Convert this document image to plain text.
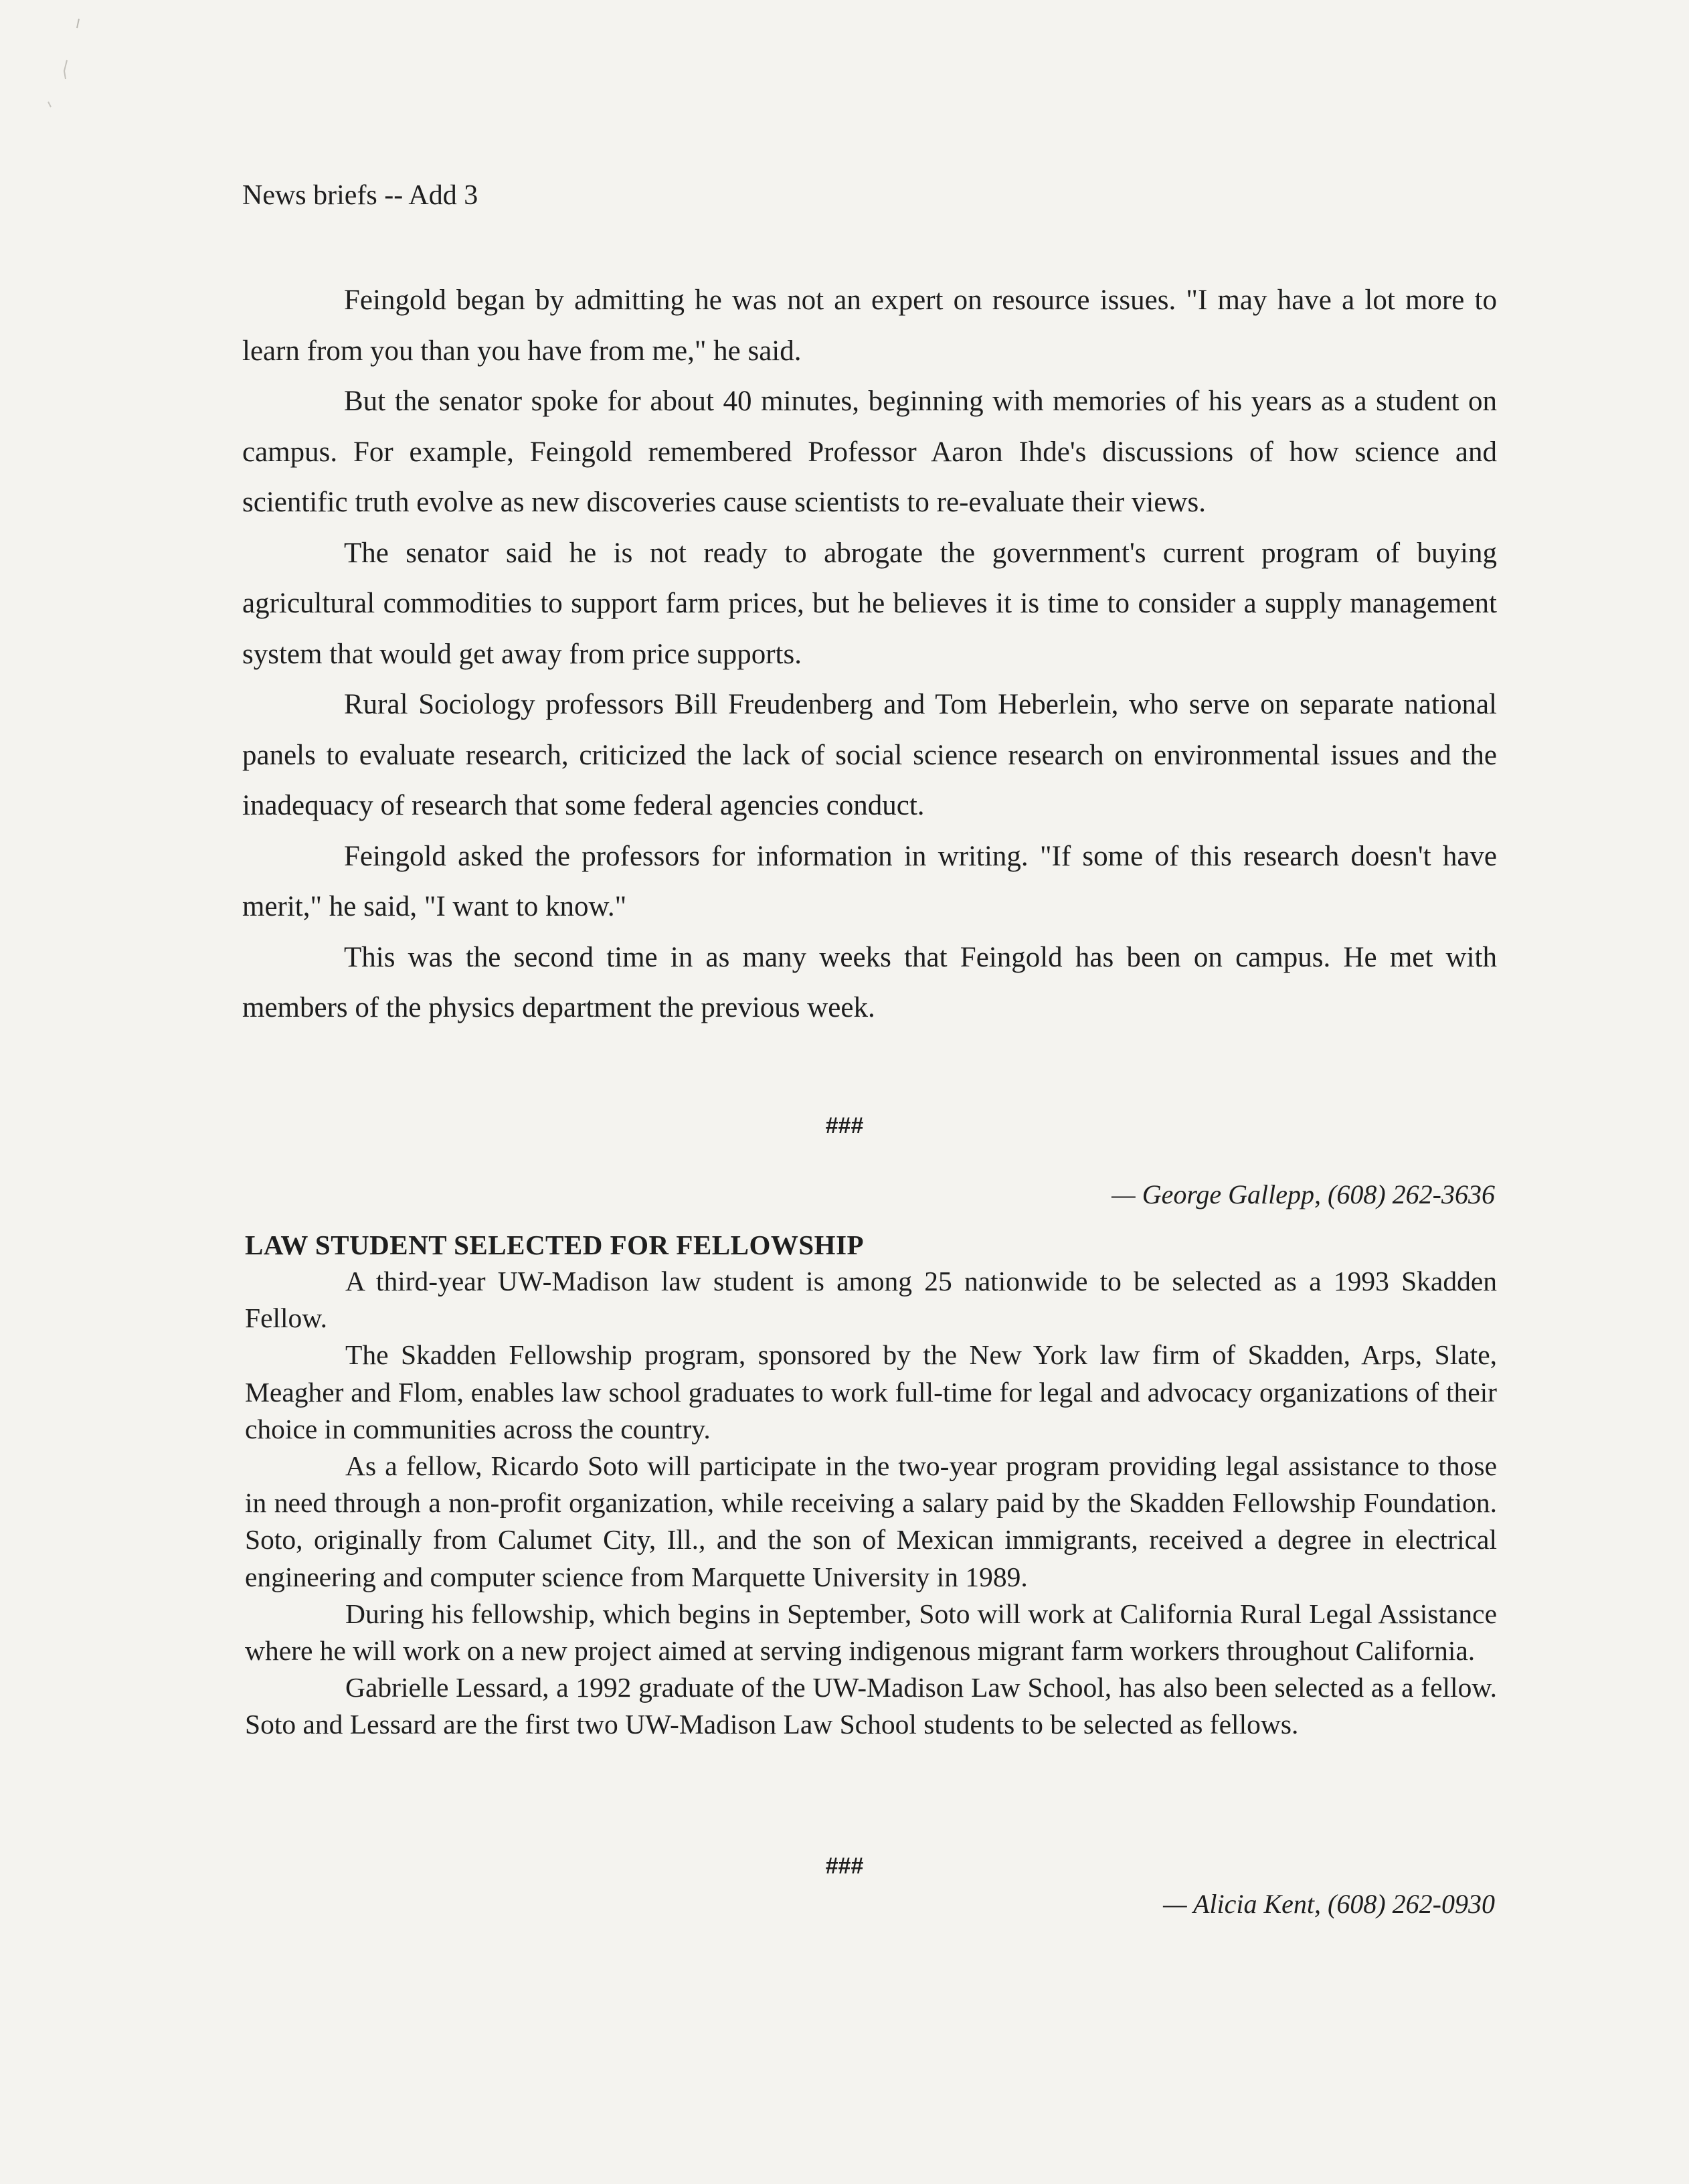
News briefs -- Add 3

Feingold began by admitting he was not an expert on resource issues. "I may have a lot more to learn from you than you have from me," he said.

But the senator spoke for about 40 minutes, beginning with memories of his years as a student on campus. For example, Feingold remembered Professor Aaron Ihde's discussions of how science and scientific truth evolve as new discoveries cause scientists to re-evaluate their views.

The senator said he is not ready to abrogate the government's current program of buying agricultural commodities to support farm prices, but he believes it is time to consider a supply management system that would get away from price supports.

Rural Sociology professors Bill Freudenberg and Tom Heberlein, who serve on separate national panels to evaluate research, criticized the lack of social science research on environmental issues and the inadequacy of research that some federal agencies conduct.

Feingold asked the professors for information in writing. "If some of this research doesn't have merit," he said, "I want to know."

This was the second time in as many weeks that Feingold has been on campus. He met with members of the physics department the previous week.

###
— George Gallepp, (608) 262-3636
LAW STUDENT SELECTED FOR FELLOWSHIP

A third-year UW-Madison law student is among 25 nationwide to be selected as a 1993 Skadden Fellow.

The Skadden Fellowship program, sponsored by the New York law firm of Skadden, Arps, Slate, Meagher and Flom, enables law school graduates to work full-time for legal and advocacy organizations of their choice in communities across the country.

As a fellow, Ricardo Soto will participate in the two-year program providing legal assistance to those in need through a non-profit organization, while receiving a salary paid by the Skadden Fellowship Foundation. Soto, originally from Calumet City, Ill., and the son of Mexican immigrants, received a degree in electrical engineering and computer science from Marquette University in 1989.

During his fellowship, which begins in September, Soto will work at California Rural Legal Assistance where he will work on a new project aimed at serving indigenous migrant farm workers throughout California.

Gabrielle Lessard, a 1992 graduate of the UW-Madison Law School, has also been selected as a fellow. Soto and Lessard are the first two UW-Madison Law School students to be selected as fellows.

###
— Alicia Kent, (608) 262-0930
